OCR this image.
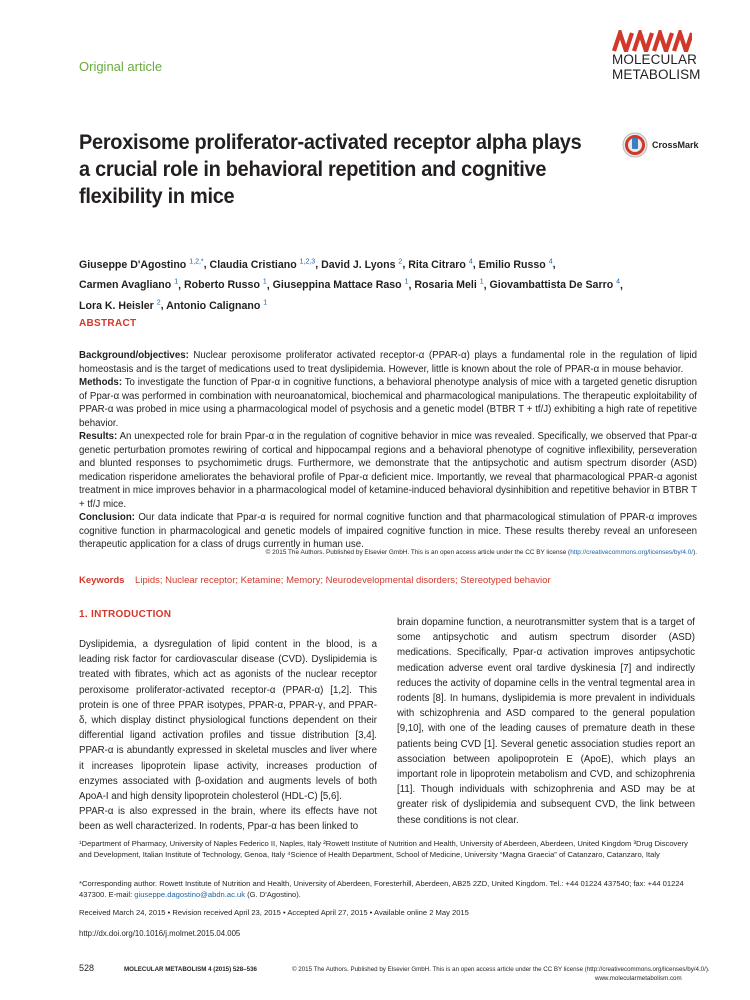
Original article	MOLECULAR
METABOLISM
Peroxisome proliferator-activated receptor alpha plays a crucial role in behavioral repetition and cognitive flexibility in mice
CrossMark
Giuseppe D'Agostino $^{1,2,*}$, Claudia Cristiano $^{1,2,3}$, David J. Lyons $^2$, Rita Citraro $^4$, Emilio Russo $^4$,
Carmen Avagliano $^1$, Roberto Russo $^1$, Giuseppina Mattace Raso $^1$, Rosaria Meli $^1$, Giovambattista De Sarro $^4$,
Lora K. Heisler $^2$, Antonio Calignano $^1$
ABSTRACT

Background/objectives: Nuclear peroxisome proliferator activated receptor-α (PPAR-α) plays a fundamental role in the regulation of lipid homeostasis and is the target of medications used to treat dyslipidemia. However, little is known about the role of PPAR-α in mouse behavior.

Methods: To investigate the function of Ppar-α in cognitive functions, a behavioral phenotype analysis of mice with a targeted genetic disruption of Ppar-α was performed in combination with neuroanatomical, biochemical and pharmacological manipulations. The therapeutic exploitability of PPAR-α was probed in mice using a pharmacological model of psychosis and a genetic model (BTBR T + tf/J) exhibiting a high rate of repetitive behavior.

Results: An unexpected role for brain Ppar-α in the regulation of cognitive behavior in mice was revealed. Specifically, we observed that Ppar-α genetic perturbation promotes rewiring of cortical and hippocampal regions and a behavioral phenotype of cognitive inflexibility, perseveration and blunted responses to psychomimetic drugs. Furthermore, we demonstrate that the antipsychotic and autism spectrum disorder (ASD) medication risperidone ameliorates the behavioral profile of Ppar-α deficient mice. Importantly, we reveal that pharmacological PPAR-α agonist treatment in mice improves behavior in a pharmacological model of ketamine-induced behavioral dysinhibition and repetitive behavior in BTBR T + tf/J mice.

Conclusion: Our data indicate that Ppar-α is required for normal cognitive function and that pharmacological stimulation of PPAR-α improves cognitive function in pharmacological and genetic models of impaired cognitive function in mice. These results thereby reveal an unforeseen therapeutic application for a class of drugs currently in human use.

© 2015 The Authors. Published by Elsevier GmbH. This is an open access article under the CC BY license (http://creativecommons.org/licenses/by/4.0/).
Keywords Lipids; Nuclear receptor; Ketamine; Memory; Neurodevelopmental disorders; Stereotyped behavior
1. INTRODUCTION

Dyslipidemia, a dysregulation of lipid content in the blood, is a leading risk factor for cardiovascular disease (CVD). Dyslipidemia is treated with fibrates, which act as agonists of the nuclear receptor peroxisome proliferator-activated receptor-α (PPAR-α) [1,2]. This protein is one of three PPAR isotypes, PPAR-α, PPAR-γ, and PPAR-δ, which display distinct physiological functions dependent on their differential ligand activation profiles and tissue distribution [3,4]. PPAR-α is abundantly expressed in skeletal muscles and liver where it increases lipoprotein lipase activity, increases production of enzymes associated with β-oxidation and augments levels of both ApoA-I and high density lipoprotein cholesterol (HDL-C) [5,6].

PPAR-α is also expressed in the brain, where its effects have not been as well characterized. In rodents, Ppar-α has been linked to

brain dopamine function, a neurotransmitter system that is a target of some antipsychotic and autism spectrum disorder (ASD) medications. Specifically, Ppar-α activation improves antipsychotic medication adverse event oral tardive dyskinesia [7] and indirectly reduces the activity of dopamine cells in the ventral tegmental area in rodents [8]. In humans, dyslipidemia is more prevalent in individuals with schizophrenia and ASD compared to the general population [9,10], with one of the leading causes of premature death in these patients being CVD [1]. Several genetic association studies report an association between apolipoprotein E (ApoE), which plays an important role in lipoprotein metabolism and CVD, and schizophrenia [11]. Though individuals with schizophrenia and ASD may be at greater risk of dyslipidemia and subsequent CVD, the link between these conditions is not clear.

¹Department of Pharmacy, University of Naples Federico II, Naples, Italy ²Rowett Institute of Nutrition and Health, University of Aberdeen, Aberdeen, United Kingdom ³Drug Discovery and Development, Italian Institute of Technology, Genoa, Italy ⁴Science of Health Department, School of Medicine, University “Magna Graecia” of Catanzaro, Catanzaro, Italy
*Corresponding author. Rowett Institute of Nutrition and Health, University of Aberdeen, Foresterhill, Aberdeen, AB25 2ZD, United Kingdom. Tel.: +44 01224 437540; fax: +44 01224 437300. E-mail: giuseppe.dagostino@abdn.ac.uk (G. D'Agostino).
Received March 24, 2015 • Revision received April 23, 2015 • Accepted April 27, 2015 • Available online 2 May 2015
http://dx.doi.org/10.1016/j.molmet.2015.04.005
528	MOLECULAR METABOLISM 4 (2015) 528–536	© 2015 The Authors. Published by Elsevier GmbH. This is an open access article under the CC BY license (http://creativecommons.org/licenses/by/4.0/).
www.molecularmetabolism.com
